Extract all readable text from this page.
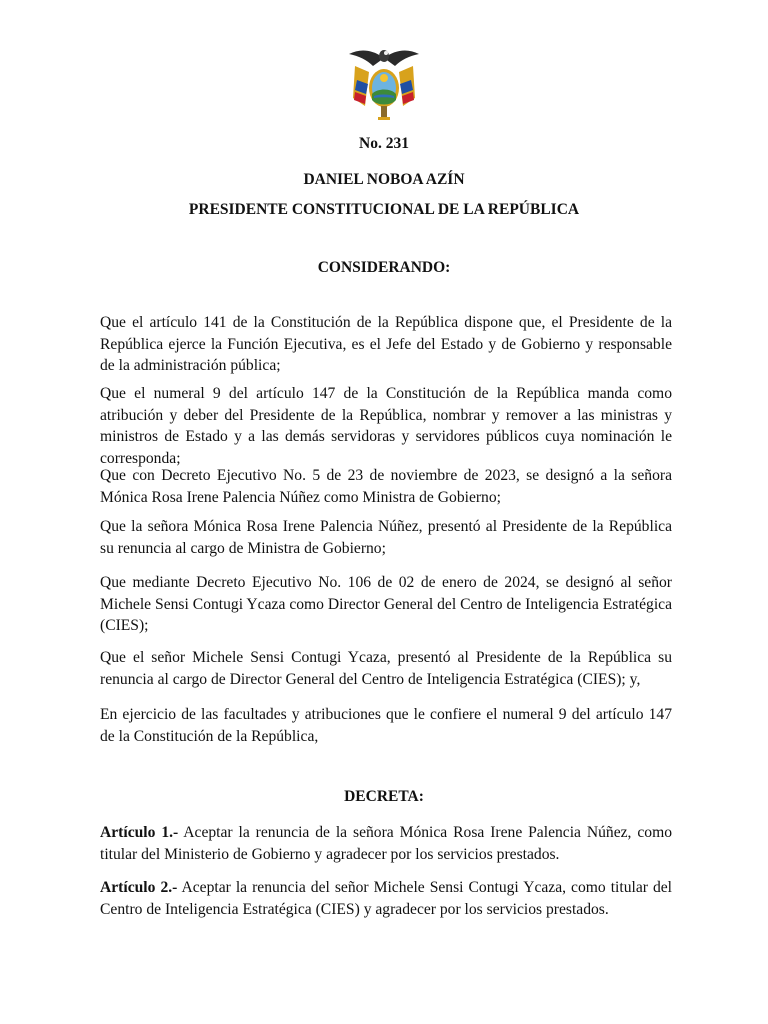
No. 231

DANIEL NOBOA AZÍN

PRESIDENTE CONSTITUCIONAL DE LA REPÚBLICA

CONSIDERANDO:

Que el artículo 141 de la Constitución de la República dispone que, el Presidente de la República ejerce la Función Ejecutiva, es el Jefe del Estado y de Gobierno y responsable de la administración pública;

Que el numeral 9 del artículo 147 de la Constitución de la República manda como atribución y deber del Presidente de la República, nombrar y remover a las ministras y ministros de Estado y a las demás servidoras y servidores públicos cuya nominación le corresponda;

Que con Decreto Ejecutivo No. 5 de 23 de noviembre de 2023, se designó a la señora Mónica Rosa Irene Palencia Núñez como Ministra de Gobierno;

Que la señora Mónica Rosa Irene Palencia Núñez, presentó al Presidente de la República su renuncia al cargo de Ministra de Gobierno;

Que mediante Decreto Ejecutivo No. 106 de 02 de enero de 2024, se designó al señor Michele Sensi Contugi Ycaza como Director General del Centro de Inteligencia Estratégica (CIES);

Que el señor Michele Sensi Contugi Ycaza, presentó al Presidente de la República su renuncia al cargo de Director General del Centro de Inteligencia Estratégica (CIES); y,

En ejercicio de las facultades y atribuciones que le confiere el numeral 9 del artículo 147 de la Constitución de la República,

DECRETA:

Artículo 1.- Aceptar la renuncia de la señora Mónica Rosa Irene Palencia Núñez, como titular del Ministerio de Gobierno y agradecer por los servicios prestados.

Artículo 2.- Aceptar la renuncia del señor Michele Sensi Contugi Ycaza, como titular del Centro de Inteligencia Estratégica (CIES) y agradecer por los servicios prestados.
